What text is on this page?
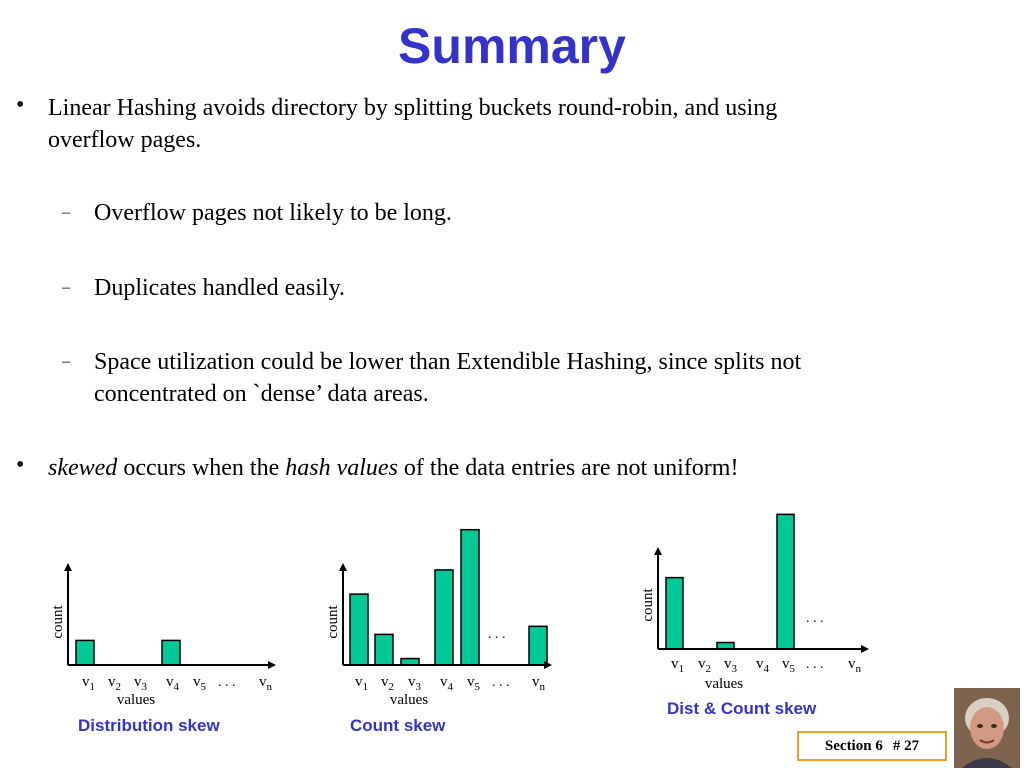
Summary
• Linear Hashing avoids directory by splitting buckets round-robin, and using
overflow pages.
– Overflow pages not likely to be long.
– Duplicates handled easily.
– Space utilization could be lower than Extendible Hashing, since splits not
concentrated on `dense’ data areas.
• skewed occurs when the hash values of the data entries are not uniform!
$v_1$ $v_2$ $v_3$ $v_4$ $v_5$	$v_n$
. . .
values
count
$v_1$ $v_2$ $v_3$ $v_4$ $v_5$	$v_n$
. . .
. . .
values
count
$v_1$ $v_2$ $v_3$ $v_4$ $v_5$	$v_n$
. . .
. . .
values
count
Distribution skew	Count skew
Dist & Count skew
Section 6 # 27
